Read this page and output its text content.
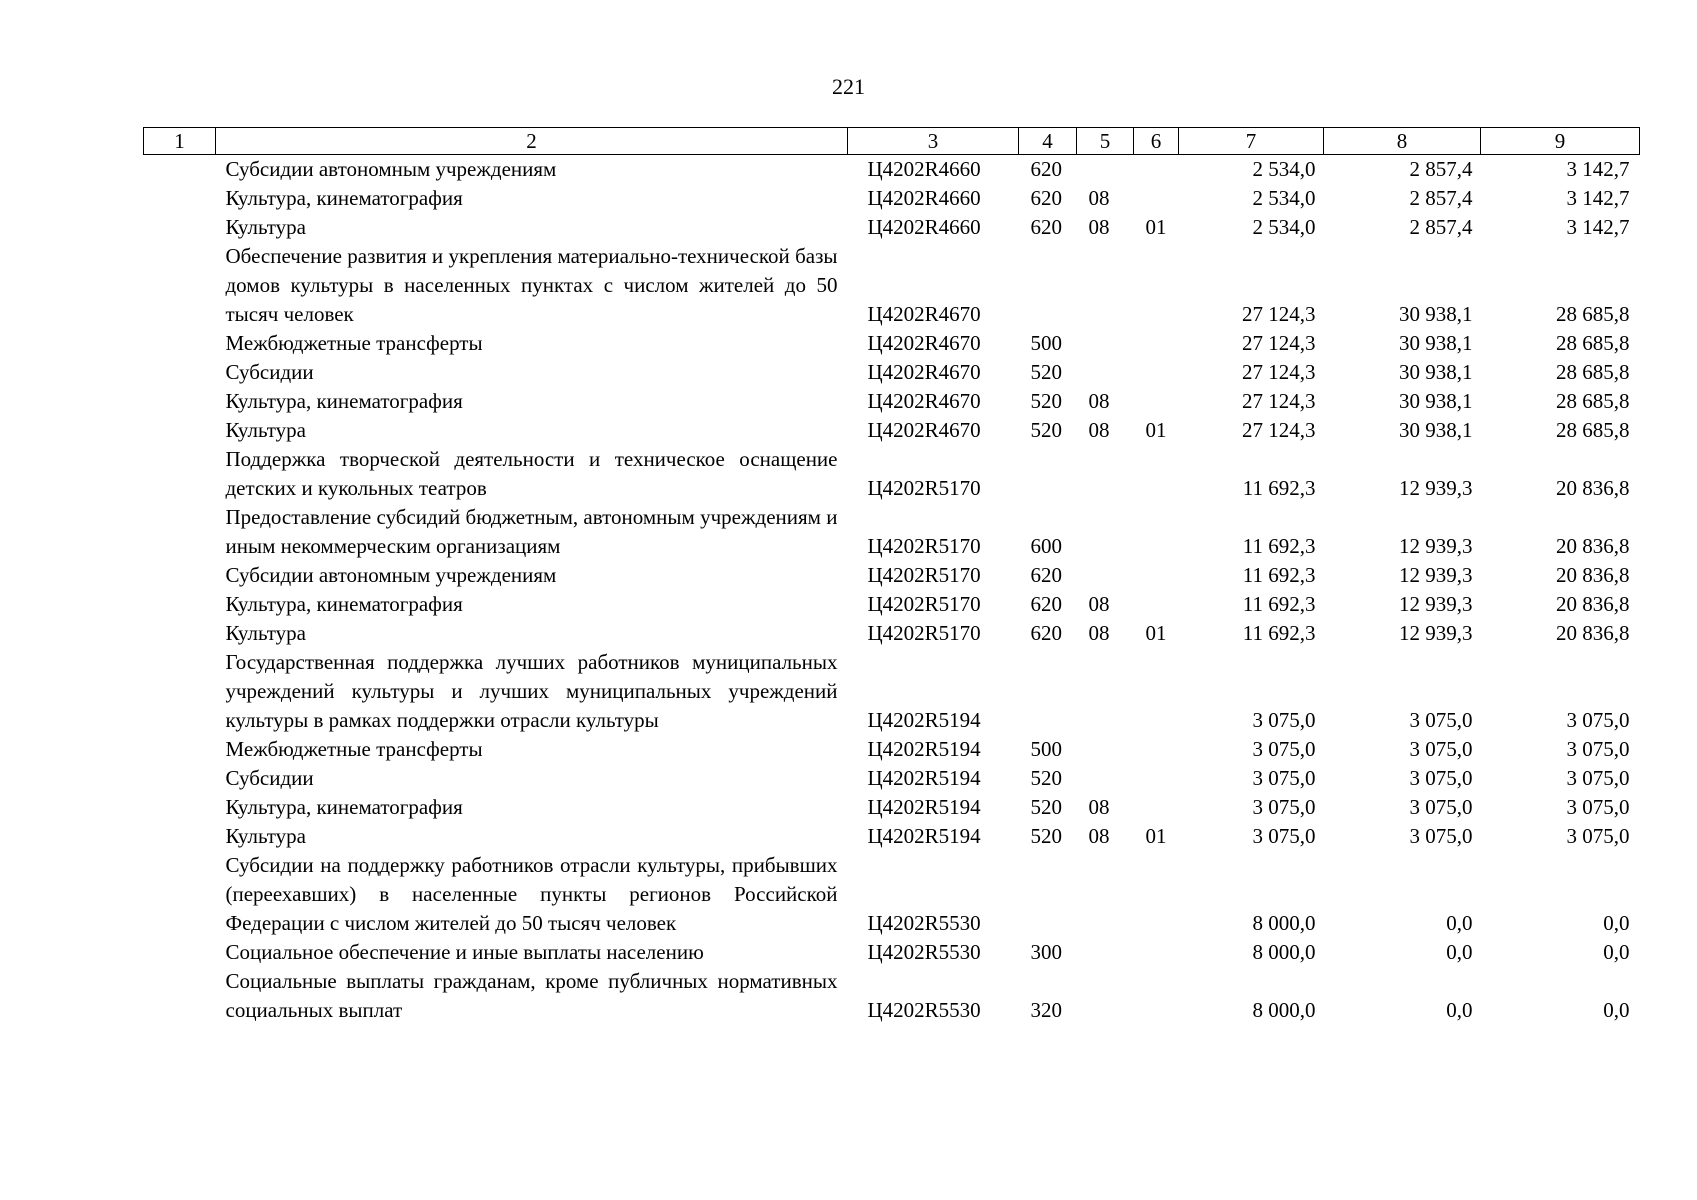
221
1	2	3	4	5	6	7	8	9
	Субсидии автономным учреждениям	Ц4202R4660	620			2 534,0	2 857,4	3 142,7
	Культура, кинематография	Ц4202R4660	620	08		2 534,0	2 857,4	3 142,7
	Культура	Ц4202R4660	620	08	01	2 534,0	2 857,4	3 142,7
	Обеспечение развития и укрепления материально-технической базы домов культуры в населенных пунктах с числом жителей до 50 тысяч человек	Ц4202R4670				27 124,3	30 938,1	28 685,8
	Межбюджетные трансферты	Ц4202R4670	500			27 124,3	30 938,1	28 685,8
	Субсидии	Ц4202R4670	520			27 124,3	30 938,1	28 685,8
	Культура, кинематография	Ц4202R4670	520	08		27 124,3	30 938,1	28 685,8
	Культура	Ц4202R4670	520	08	01	27 124,3	30 938,1	28 685,8
	Поддержка творческой деятельности и техническое оснащение детских и кукольных театров	Ц4202R5170				11 692,3	12 939,3	20 836,8
	Предоставление субсидий бюджетным, автономным учреждениям и иным некоммерческим организациям	Ц4202R5170	600			11 692,3	12 939,3	20 836,8
	Субсидии автономным учреждениям	Ц4202R5170	620			11 692,3	12 939,3	20 836,8
	Культура, кинематография	Ц4202R5170	620	08		11 692,3	12 939,3	20 836,8
	Культура	Ц4202R5170	620	08	01	11 692,3	12 939,3	20 836,8
	Государственная поддержка лучших работников муниципальных учреждений культуры и лучших муниципальных учреждений культуры в рамках поддержки отрасли культуры	Ц4202R5194				3 075,0	3 075,0	3 075,0
	Межбюджетные трансферты	Ц4202R5194	500			3 075,0	3 075,0	3 075,0
	Субсидии	Ц4202R5194	520			3 075,0	3 075,0	3 075,0
	Культура, кинематография	Ц4202R5194	520	08		3 075,0	3 075,0	3 075,0
	Культура	Ц4202R5194	520	08	01	3 075,0	3 075,0	3 075,0
	Субсидии на поддержку работников отрасли культуры, прибывших (переехавших) в населенные пункты регионов Российской Федерации с числом жителей до 50 тысяч человек	Ц4202R5530				8 000,0	0,0	0,0
	Социальное обеспечение и иные выплаты населению	Ц4202R5530	300			8 000,0	0,0	0,0
	Социальные выплаты гражданам, кроме публичных нормативных социальных выплат	Ц4202R5530	320			8 000,0	0,0	0,0
